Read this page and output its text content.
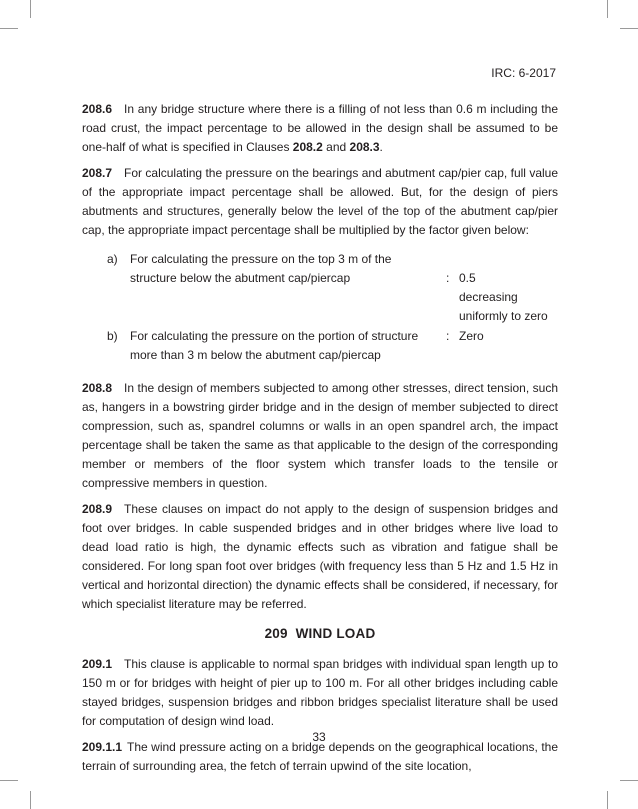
IRC: 6-2017

208.6 In any bridge structure where there is a filling of not less than 0.6 m including the road crust, the impact percentage to be allowed in the design shall be assumed to be one-half of what is specified in Clauses 208.2 and 208.3.

208.7 For calculating the pressure on the bearings and abutment cap/pier cap, full value of the appropriate impact percentage shall be allowed. But, for the design of piers abutments and structures, generally below the level of the top of the abutment cap/pier cap, the appropriate impact percentage shall be multiplied by the factor given below:

a) For calculating the pressure on the top 3 m of the
structure below the abutment cap/piercap	: 0.5
decreasing
uniformly to zero
b) For calculating the pressure on the portion of structure
more than 3 m below the abutment cap/piercap
: Zero

208.8 In the design of members subjected to among other stresses, direct tension, such as, hangers in a bowstring girder bridge and in the design of member subjected to direct compression, such as, spandrel columns or walls in an open spandrel arch, the impact percentage shall be taken the same as that applicable to the design of the corresponding member or members of the floor system which transfer loads to the tensile or compressive members in question.

208.9 These clauses on impact do not apply to the design of suspension bridges and foot over bridges. In cable suspended bridges and in other bridges where live load to dead load ratio is high, the dynamic effects such as vibration and fatigue shall be considered. For long span foot over bridges (with frequency less than 5 Hz and 1.5 Hz in vertical and horizontal direction) the dynamic effects shall be considered, if necessary, for which specialist literature may be referred.

209  WIND LOAD

209.1 This clause is applicable to normal span bridges with individual span length up to 150 m or for bridges with height of pier up to 100 m. For all other bridges including cable stayed bridges, suspension bridges and ribbon bridges specialist literature shall be used for computation of design wind load.

209.1.1 The wind pressure acting on a bridge depends on the geographical locations, the terrain of surrounding area, the fetch of terrain upwind of the site location,

33
